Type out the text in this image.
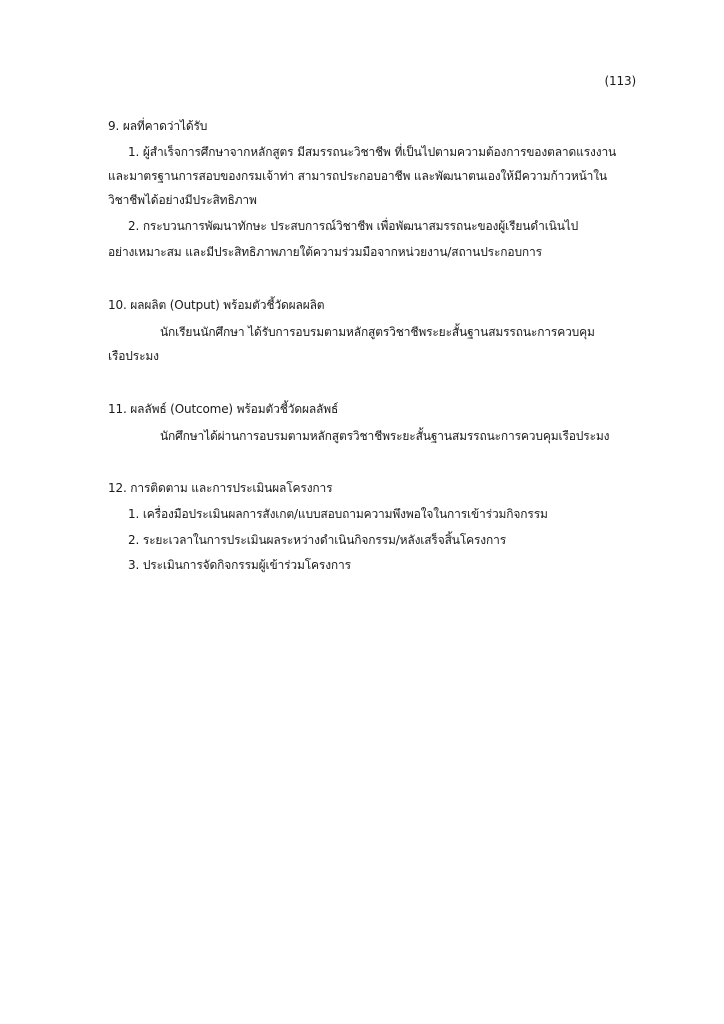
(113)
9. ผลที่คาดว่าได้รับ
1. ผู้สำเร็จการศึกษาจากหลักสูตร มีสมรรถนะวิชาชีพ ที่เป็นไปตามความต้องการของตลาดแรงงาน
และมาตรฐานการสอบของกรมเจ้าท่า สามารถประกอบอาชีพ และพัฒนาตนเองให้มีความก้าวหน้าใน
วิชาชีพได้อย่างมีประสิทธิภาพ
2. กระบวนการพัฒนาทักษะ ประสบการณ์วิชาชีพ เพื่อพัฒนาสมรรถนะของผู้เรียนดำเนินไป
อย่างเหมาะสม และมีประสิทธิภาพภายใต้ความร่วมมือจากหน่วยงาน/สถานประกอบการ
10. ผลผลิต (Output) พร้อมตัวชี้วัดผลผลิต
นักเรียนนักศึกษา ได้รับการอบรมตามหลักสูตรวิชาชีพระยะสั้นฐานสมรรถนะการควบคุม
เรือประมง
11. ผลลัพธ์ (Outcome) พร้อมตัวชี้วัดผลลัพธ์
นักศึกษาได้ผ่านการอบรมตามหลักสูตรวิชาชีพระยะสั้นฐานสมรรถนะการควบคุมเรือประมง
12. การติดตาม และการประเมินผลโครงการ
1. เครื่องมือประเมินผลการสังเกต/แบบสอบถามความพึงพอใจในการเข้าร่วมกิจกรรม
2. ระยะเวลาในการประเมินผลระหว่างดำเนินกิจกรรม/หลังเสร็จสิ้นโครงการ
3. ประเมินการจัดกิจกรรมผู้เข้าร่วมโครงการ
